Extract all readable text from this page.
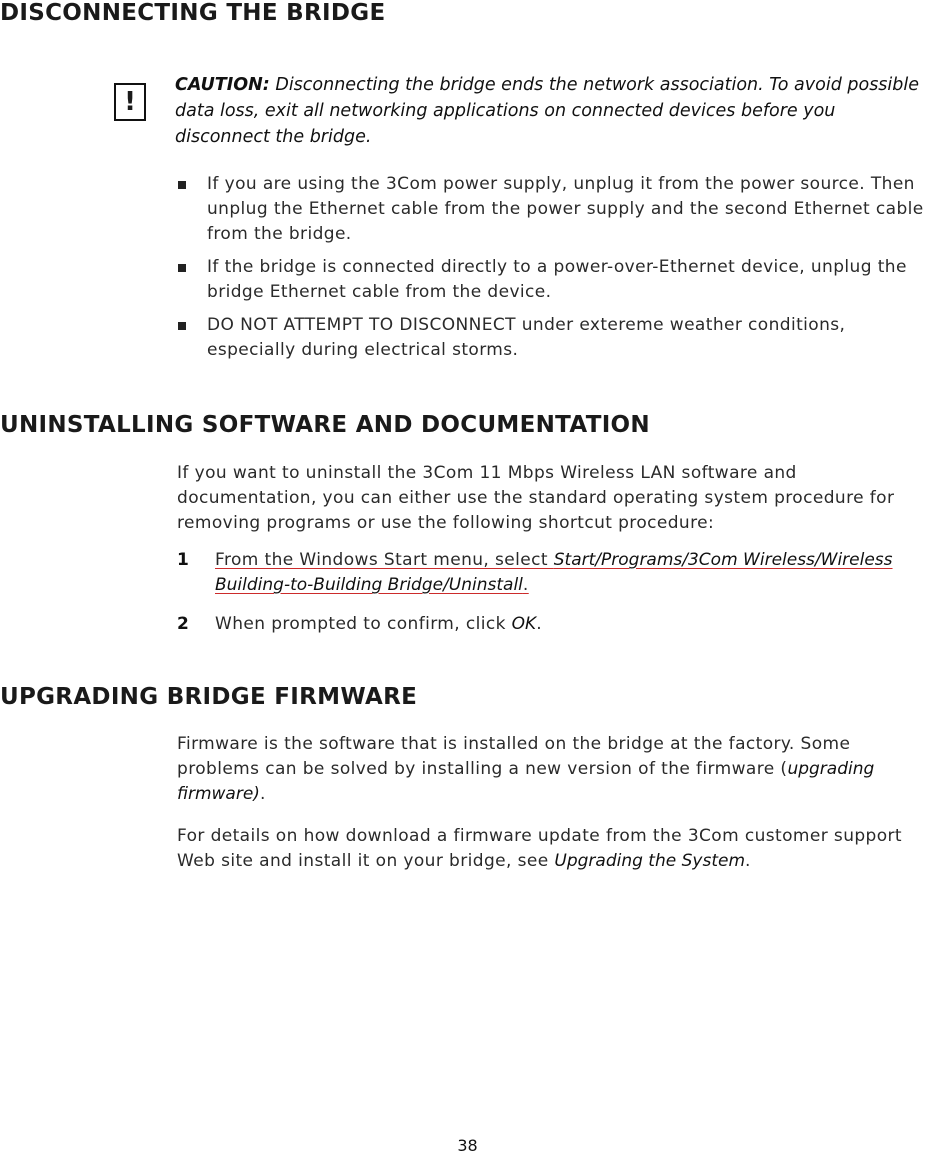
DISCONNECTING THE BRIDGE
!

CAUTION: Disconnecting the bridge ends the network association. To avoid possible data loss, exit all networking applications on connected devices before you disconnect the bridge.

If you are using the 3Com power supply, unplug it from the power source. Then unplug the Ethernet cable from the power supply and the second Ethernet cable from the bridge.
If the bridge is connected directly to a power-over-Ethernet device, unplug the bridge Ethernet cable from the device.
DO NOT ATTEMPT TO DISCONNECT under extereme weather conditions, especially during electrical storms.
UNINSTALLING SOFTWARE AND DOCUMENTATION

If you want to uninstall the 3Com 11 Mbps Wireless LAN software and documentation, you can either use the standard operating system procedure for removing programs or use the following shortcut procedure:

1 From the Windows Start menu, select Start/Programs/3Com Wireless/Wireless Building-to-Building Bridge/Uninstall.
2 When prompted to confirm, click OK.
UPGRADING BRIDGE FIRMWARE

Firmware is the software that is installed on the bridge at the factory. Some problems can be solved by installing a new version of the firmware (upgrading firmware).

For details on how download a firmware update from the 3Com customer support Web site and install it on your bridge, see Upgrading the System.

38
